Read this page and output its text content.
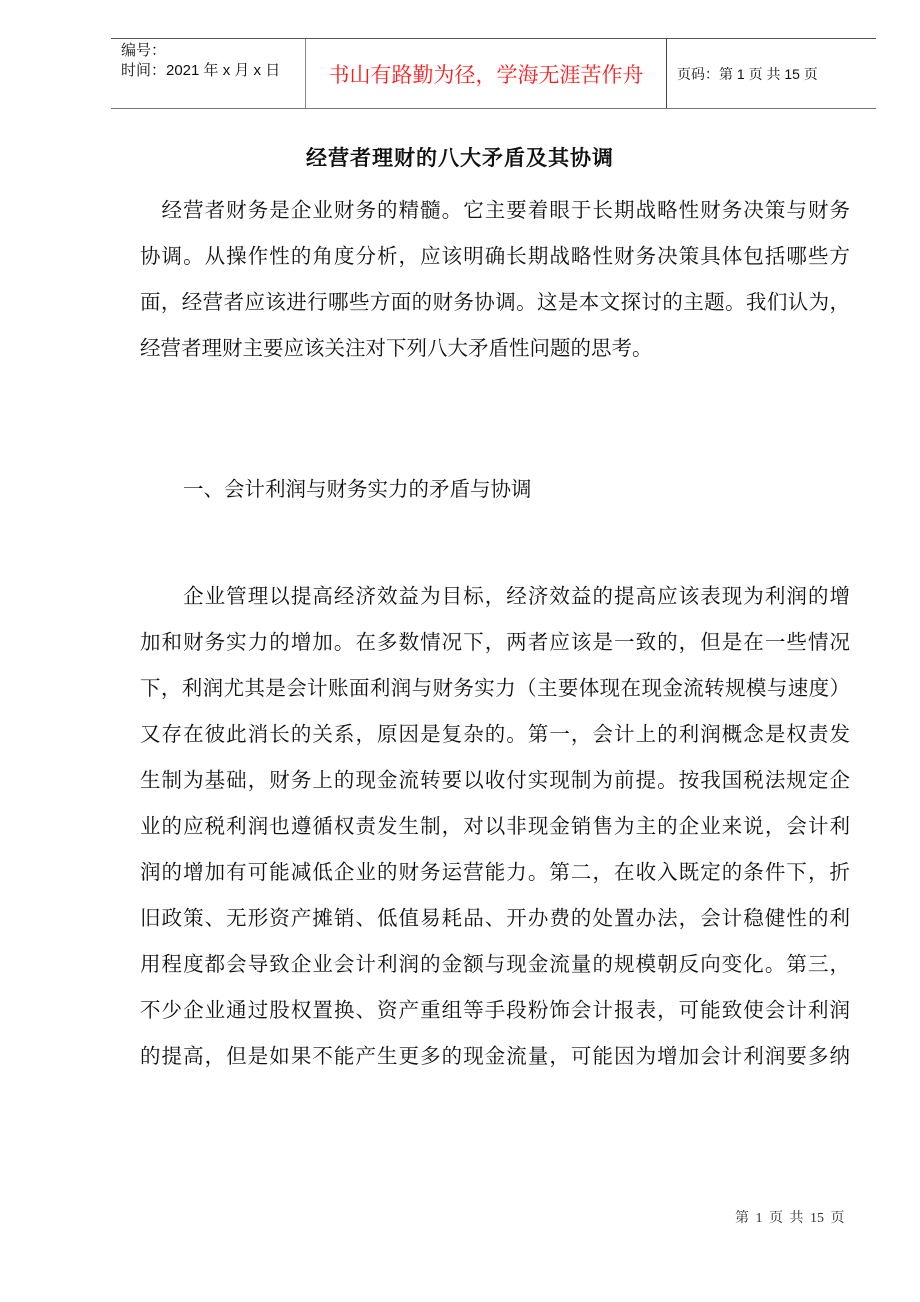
编号：
时间：2021 年 x 月 x 日	书山有路勤为径，学海无涯苦作舟 页码：第 1 页 共 15 页
经营者理财的八大矛盾及其协调
　经营者财务是企业财务的精髓。它主要着眼于长期战略性财务决策与财务
协调。从操作性的角度分析，应该明确长期战略性财务决策具体包括哪些方
面，经营者应该进行哪些方面的财务协调。这是本文探讨的主题。我们认为，
经营者理财主要应该关注对下列八大矛盾性问题的思考。
一、会计利润与财务实力的矛盾与协调
　　企业管理以提高经济效益为目标，经济效益的提高应该表现为利润的增
加和财务实力的增加。在多数情况下，两者应该是一致的，但是在一些情况
下，利润尤其是会计账面利润与财务实力（主要体现在现金流转规模与速度）
又存在彼此消长的关系，原因是复杂的。第一，会计上的利润概念是权责发
生制为基础，财务上的现金流转要以收付实现制为前提。按我国税法规定企
业的应税利润也遵循权责发生制，对以非现金销售为主的企业来说，会计利
润的增加有可能减低企业的财务运营能力。第二，在收入既定的条件下，折
旧政策、无形资产摊销、低值易耗品、开办费的处置办法，会计稳健性的利
用程度都会导致企业会计利润的金额与现金流量的规模朝反向变化。第三，
不少企业通过股权置换、资产重组等手段粉饰会计报表，可能致使会计利润
的提高，但是如果不能产生更多的现金流量，可能因为增加会计利润要多纳
第 1 页 共 15 页
